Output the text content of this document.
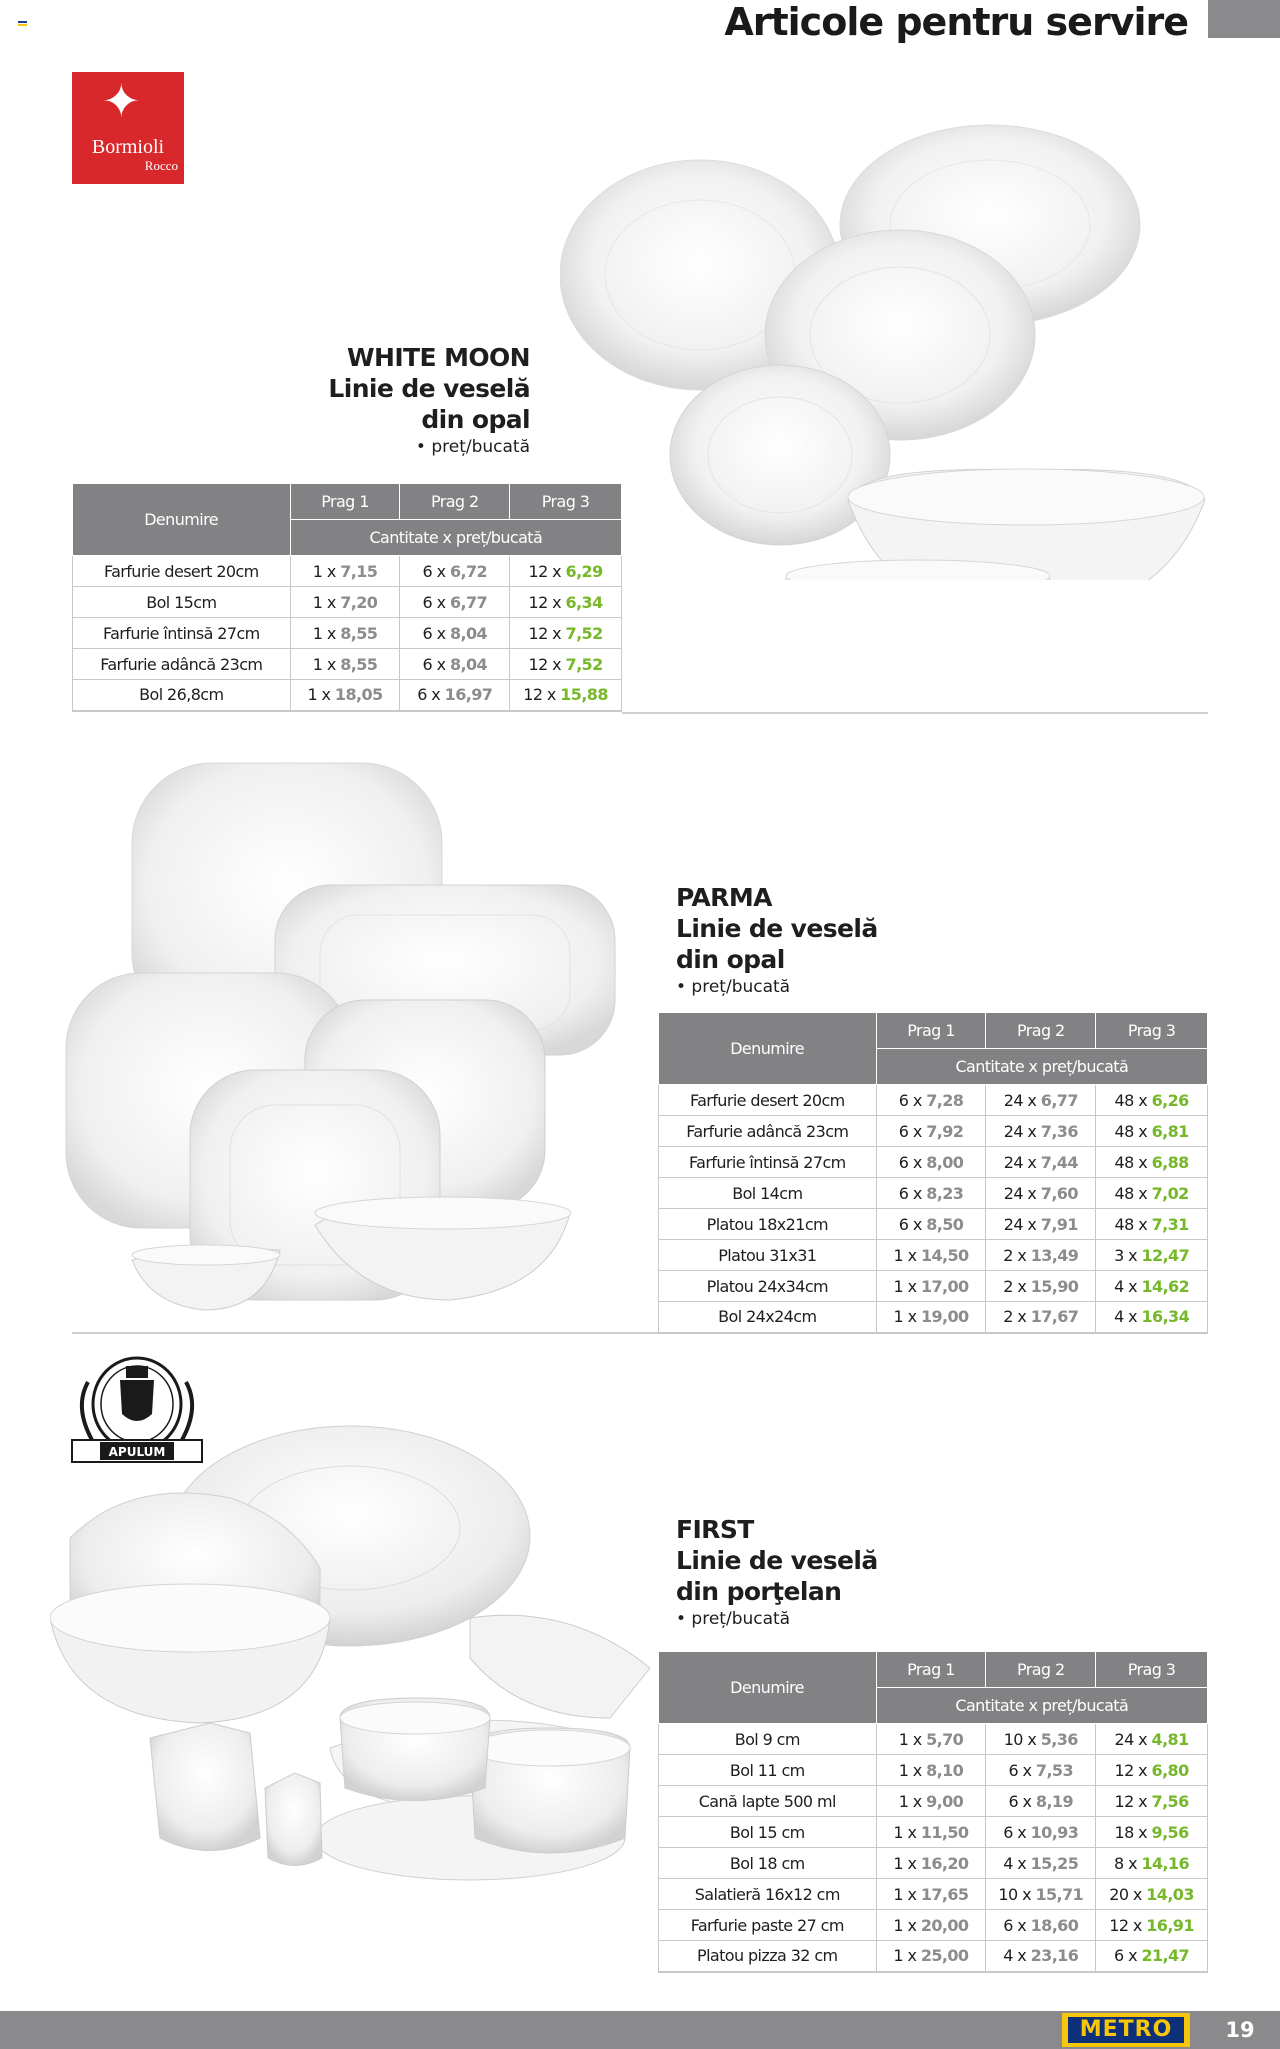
Articole pentru servire
✦
Bormioli
Rocco
WHITE MOON
Linie de veselă
din opal
• preț/bucată
Denumire	Prag 1	Prag 2	Prag 3
	Cantitate x preț/bucată		
Farfurie desert 20cm	1 x 7,15	6 x 6,72	12 x 6,29
Bol 15cm	1 x 7,20	6 x 6,77	12 x 6,34
Farfurie întinsă 27cm	1 x 8,55	6 x 8,04	12 x 7,52
Farfurie adâncă 23cm	1 x 8,55	6 x 8,04	12 x 7,52
Bol 26,8cm	1 x 18,05	6 x 16,97	12 x 15,88
PARMA
Linie de veselă
din opal
• preț/bucată
Denumire	Prag 1	Prag 2	Prag 3
	Cantitate x preț/bucată		
Farfurie desert 20cm	6 x 7,28	24 x 6,77	48 x 6,26
Farfurie adâncă 23cm	6 x 7,92	24 x 7,36	48 x 6,81
Farfurie întinsă 27cm	6 x 8,00	24 x 7,44	48 x 6,88
Bol 14cm	6 x 8,23	24 x 7,60	48 x 7,02
Platou 18x21cm	6 x 8,50	24 x 7,91	48 x 7,31
Platou 31x31	1 x 14,50	2 x 13,49	3 x 12,47
Platou 24x34cm	1 x 17,00	2 x 15,90	4 x 14,62
Bol 24x24cm	1 x 19,00	2 x 17,67	4 x 16,34
APULUM
FIRST
Linie de veselă
din porţelan
• preț/bucată
Denumire	Prag 1	Prag 2	Prag 3
	Cantitate x preț/bucată		
Bol 9 cm	1 x 5,70	10 x 5,36	24 x 4,81
Bol 11 cm	1 x 8,10	6 x 7,53	12 x 6,80
Cană lapte 500 ml	1 x 9,00	6 x 8,19	12 x 7,56
Bol 15 cm	1 x 11,50	6 x 10,93	18 x 9,56
Bol 18 cm	1 x 16,20	4 x 15,25	8 x 14,16
Salatieră 16x12 cm	1 x 17,65	10 x 15,71	20 x 14,03
Farfurie paste 27 cm	1 x 20,00	6 x 18,60	12 x 16,91
Platou pizza 32 cm	1 x 25,00	4 x 23,16	6 x 21,47
METRO	19
